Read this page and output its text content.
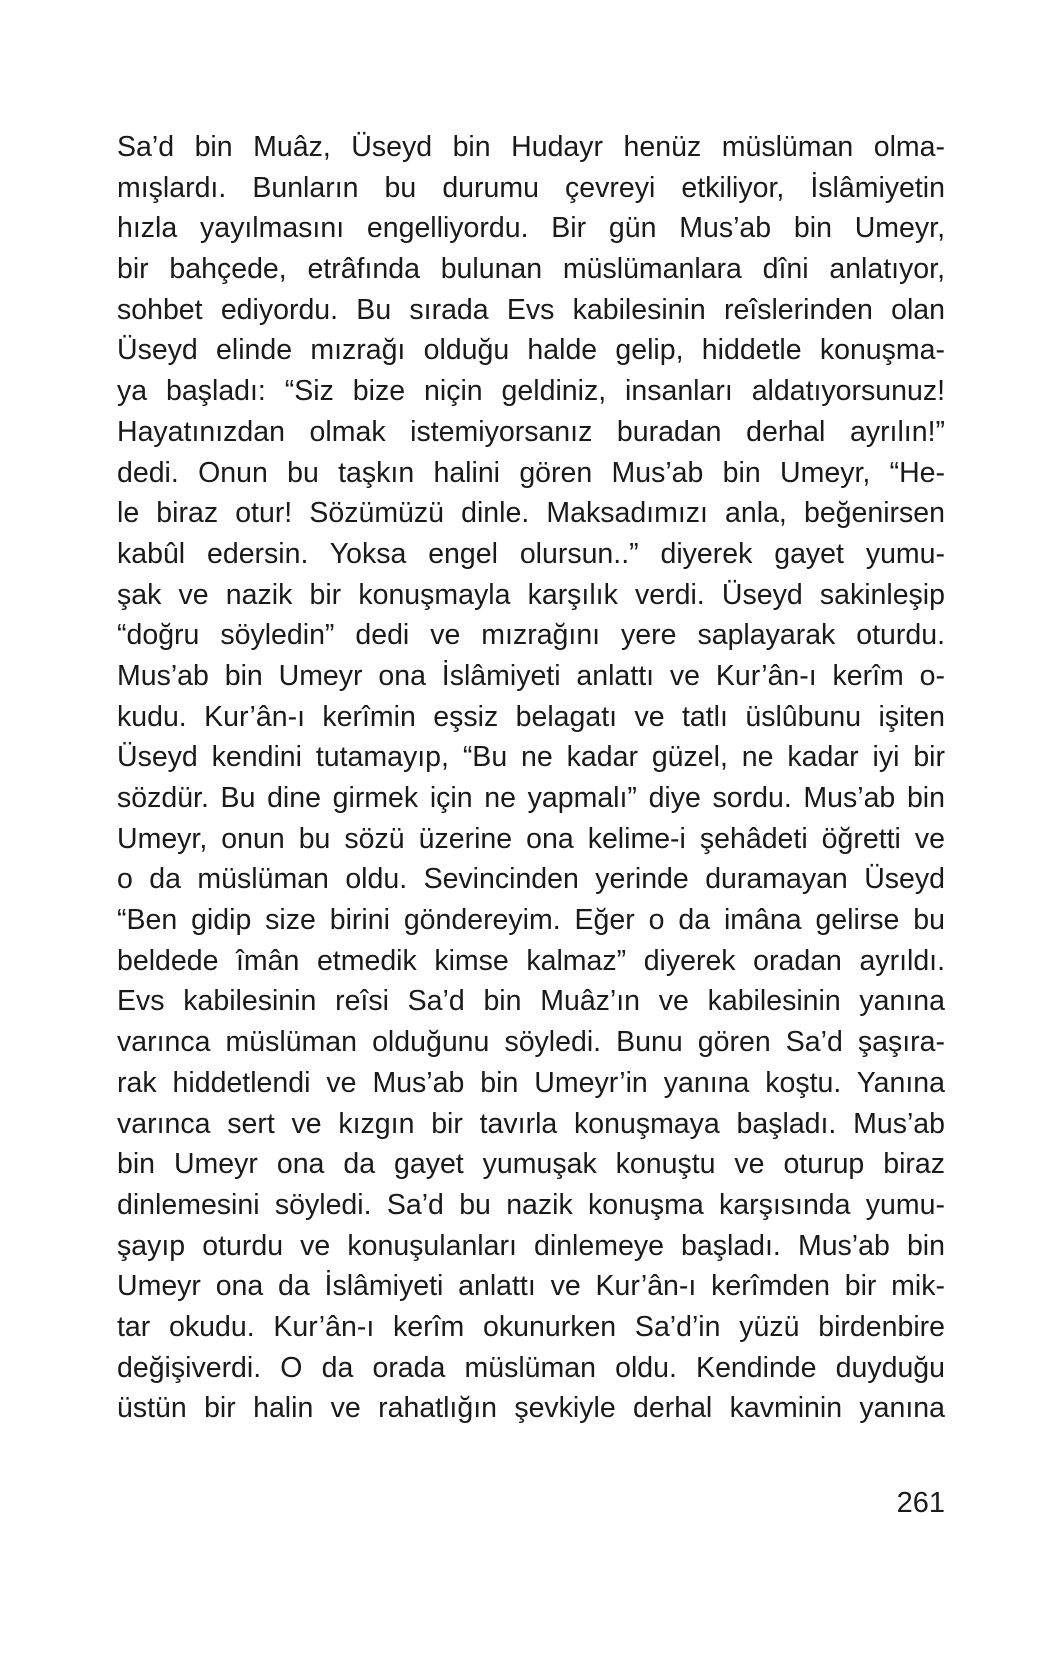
Sa’d bin Muâz, Üseyd bin Hudayr henüz müslüman olma-
mışlardı. Bunların bu durumu çevreyi etkiliyor, İslâmiyetin
hızla yayılmasını engelliyordu. Bir gün Mus’ab bin Umeyr,
bir bahçede, etrâfında bulunan müslümanlara dîni anlatıyor,
sohbet ediyordu. Bu sırada Evs kabilesinin reîslerinden olan
Üseyd elinde mızrağı olduğu halde gelip, hiddetle konuşma-
ya başladı: “Siz bize niçin geldiniz, insanları aldatıyorsunuz!
Hayatınızdan olmak istemiyorsanız buradan derhal ayrılın!”
dedi. Onun bu taşkın halini gören Mus’ab bin Umeyr, “He-
le biraz otur! Sözümüzü dinle. Maksadımızı anla, beğenirsen
kabûl edersin. Yoksa engel olursun..” diyerek gayet yumu-
şak ve nazik bir konuşmayla karşılık verdi. Üseyd sakinleşip
“doğru söyledin” dedi ve mızrağını yere saplayarak oturdu.
Mus’ab bin Umeyr ona İslâmiyeti anlattı ve Kur’ân-ı kerîm o-
kudu. Kur’ân-ı kerîmin eşsiz belagatı ve tatlı üslûbunu işiten
Üseyd kendini tutamayıp, “Bu ne kadar güzel, ne kadar iyi bir
sözdür. Bu dine girmek için ne yapmalı” diye sordu. Mus’ab bin
Umeyr, onun bu sözü üzerine ona kelime-i şehâdeti öğretti ve
o da müslüman oldu. Sevincinden yerinde duramayan Üseyd
“Ben gidip size birini göndereyim. Eğer o da imâna gelirse bu
beldede îmân etmedik kimse kalmaz” diyerek oradan ayrıldı.
Evs kabilesinin reîsi Sa’d bin Muâz’ın ve kabilesinin yanına
varınca müslüman olduğunu söyledi. Bunu gören Sa’d şaşıra-
rak hiddetlendi ve Mus’ab bin Umeyr’in yanına koştu. Yanına
varınca sert ve kızgın bir tavırla konuşmaya başladı. Mus’ab
bin Umeyr ona da gayet yumuşak konuştu ve oturup biraz
dinlemesini söyledi. Sa’d bu nazik konuşma karşısında yumu-
şayıp oturdu ve konuşulanları dinlemeye başladı. Mus’ab bin
Umeyr ona da İslâmiyeti anlattı ve Kur’ân-ı kerîmden bir mik-
tar okudu. Kur’ân-ı kerîm okunurken Sa’d’in yüzü birdenbire
değişiverdi. O da orada müslüman oldu. Kendinde duyduğu
üstün bir halin ve rahatlığın şevkiyle derhal kavminin yanına
261
